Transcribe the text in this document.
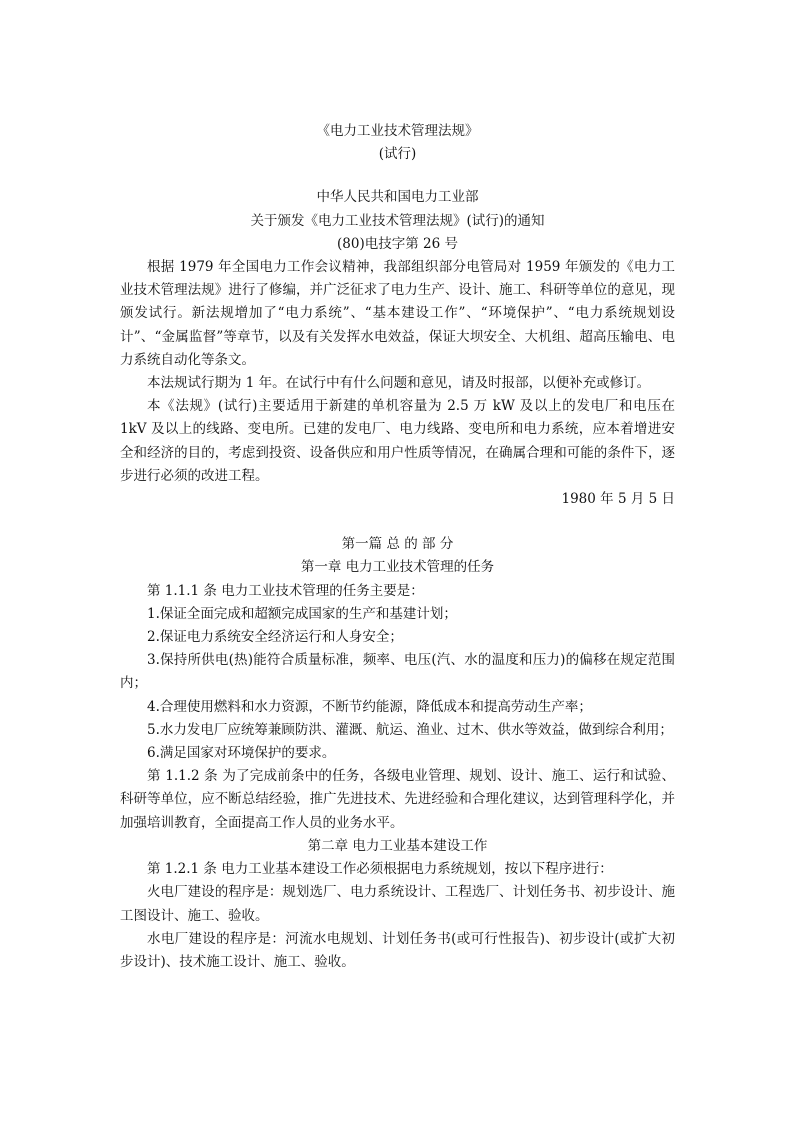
《电力工业技术管理法规》

(试行)

中华人民共和国电力工业部

关于颁发《电力工业技术管理法规》(试行)的通知

(80)电技字第 26 号

根据 1979 年全国电力工作会议精神，我部组织部分电管局对 1959 年颁发的《电力工业技术管理法规》进行了修编，并广泛征求了电力生产、设计、施工、科研等单位的意见，现颁发试行。新法规增加了“电力系统”、“基本建设工作”、“环境保护”、“电力系统规划设计”、“金属监督”等章节，以及有关发挥水电效益，保证大坝安全、大机组、超高压输电、电力系统自动化等条文。

本法规试行期为 1 年。在试行中有什么问题和意见，请及时报部，以便补充或修订。

本《法规》(试行)主要适用于新建的单机容量为 2.5 万 kW 及以上的发电厂和电压在 1kV 及以上的线路、变电所。已建的发电厂、电力线路、变电所和电力系统，应本着增进安全和经济的目的，考虑到投资、设备供应和用户性质等情况，在确属合理和可能的条件下，逐步进行必须的改进工程。

1980 年 5 月 5 日

第一篇 总 的 部 分

第一章 电力工业技术管理的任务

第 1.1.1 条 电力工业技术管理的任务主要是：

1.保证全面完成和超额完成国家的生产和基建计划；

2.保证电力系统安全经济运行和人身安全；

3.保持所供电(热)能符合质量标准，频率、电压(汽、水的温度和压力)的偏移在规定范围内；

4.合理使用燃料和水力资源，不断节约能源，降低成本和提高劳动生产率；

5.水力发电厂应统筹兼顾防洪、灌溉、航运、渔业、过木、供水等效益，做到综合利用；

6.满足国家对环境保护的要求。

第 1.1.2 条 为了完成前条中的任务，各级电业管理、规划、设计、施工、运行和试验、科研等单位，应不断总结经验，推广先进技术、先进经验和合理化建议，达到管理科学化，并加强培训教育，全面提高工作人员的业务水平。

第二章 电力工业基本建设工作

第 1.2.1 条 电力工业基本建设工作必须根据电力系统规划，按以下程序进行：

火电厂建设的程序是：规划选厂、电力系统设计、工程选厂、计划任务书、初步设计、施工图设计、施工、验收。

水电厂建设的程序是：河流水电规划、计划任务书(或可行性报告)、初步设计(或扩大初步设计)、技术施工设计、施工、验收。
